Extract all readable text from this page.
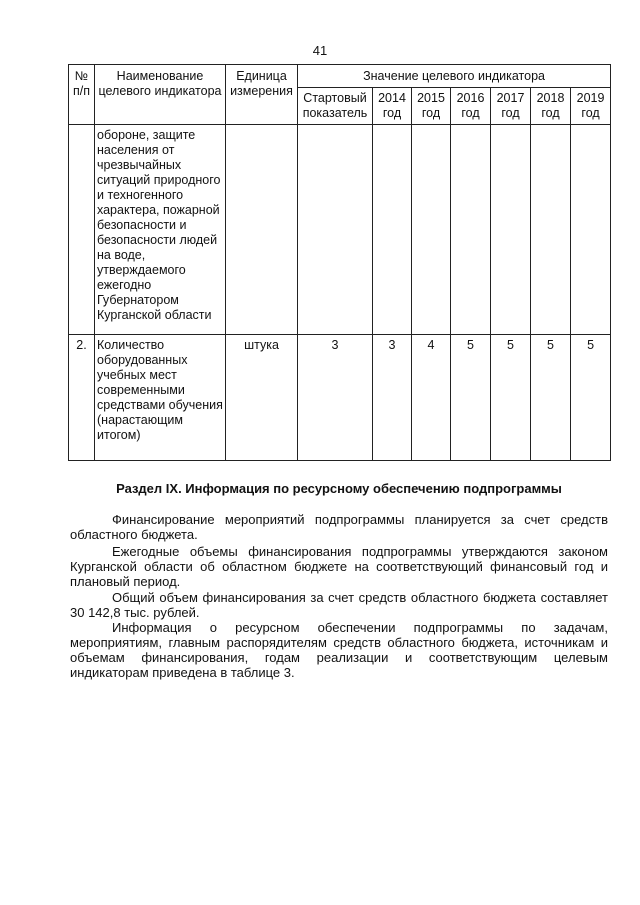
41
№ п/п	Наименование целевого индикатора	Единица измерения	Значение целевого индикатора						
			Стартовый показатель	2014 год	2015 год	2016 год	2017 год	2018 год	2019 год
	обороне, защите населения от чрезвычайных ситуаций природного и техногенного характера, пожарной безопасности и безопасности людей на воде, утверждаемого ежегодно Губернатором Курганской области								
2.	Количество оборудованных учебных мест современными средствами обучения (нарастающим итогом)	штука	3	3	4	5	5	5	5
Раздел IX. Информация по ресурсному обеспечению подпрограммы

Финансирование мероприятий подпрограммы планируется за счет средств областного бюджета.

Ежегодные объемы финансирования подпрограммы утверждаются законом Курганской области об областном бюджете на соответствующий финансовый год и плановый период.

Общий объем финансирования за счет средств областного бюджета составляет 30 142,8 тыс. рублей.

Информация о ресурсном обеспечении подпрограммы по задачам, мероприятиям, главным распорядителям средств областного бюджета, источникам и объемам финансирования, годам реализации и соответствующим целевым индикаторам приведена в таблице 3.
